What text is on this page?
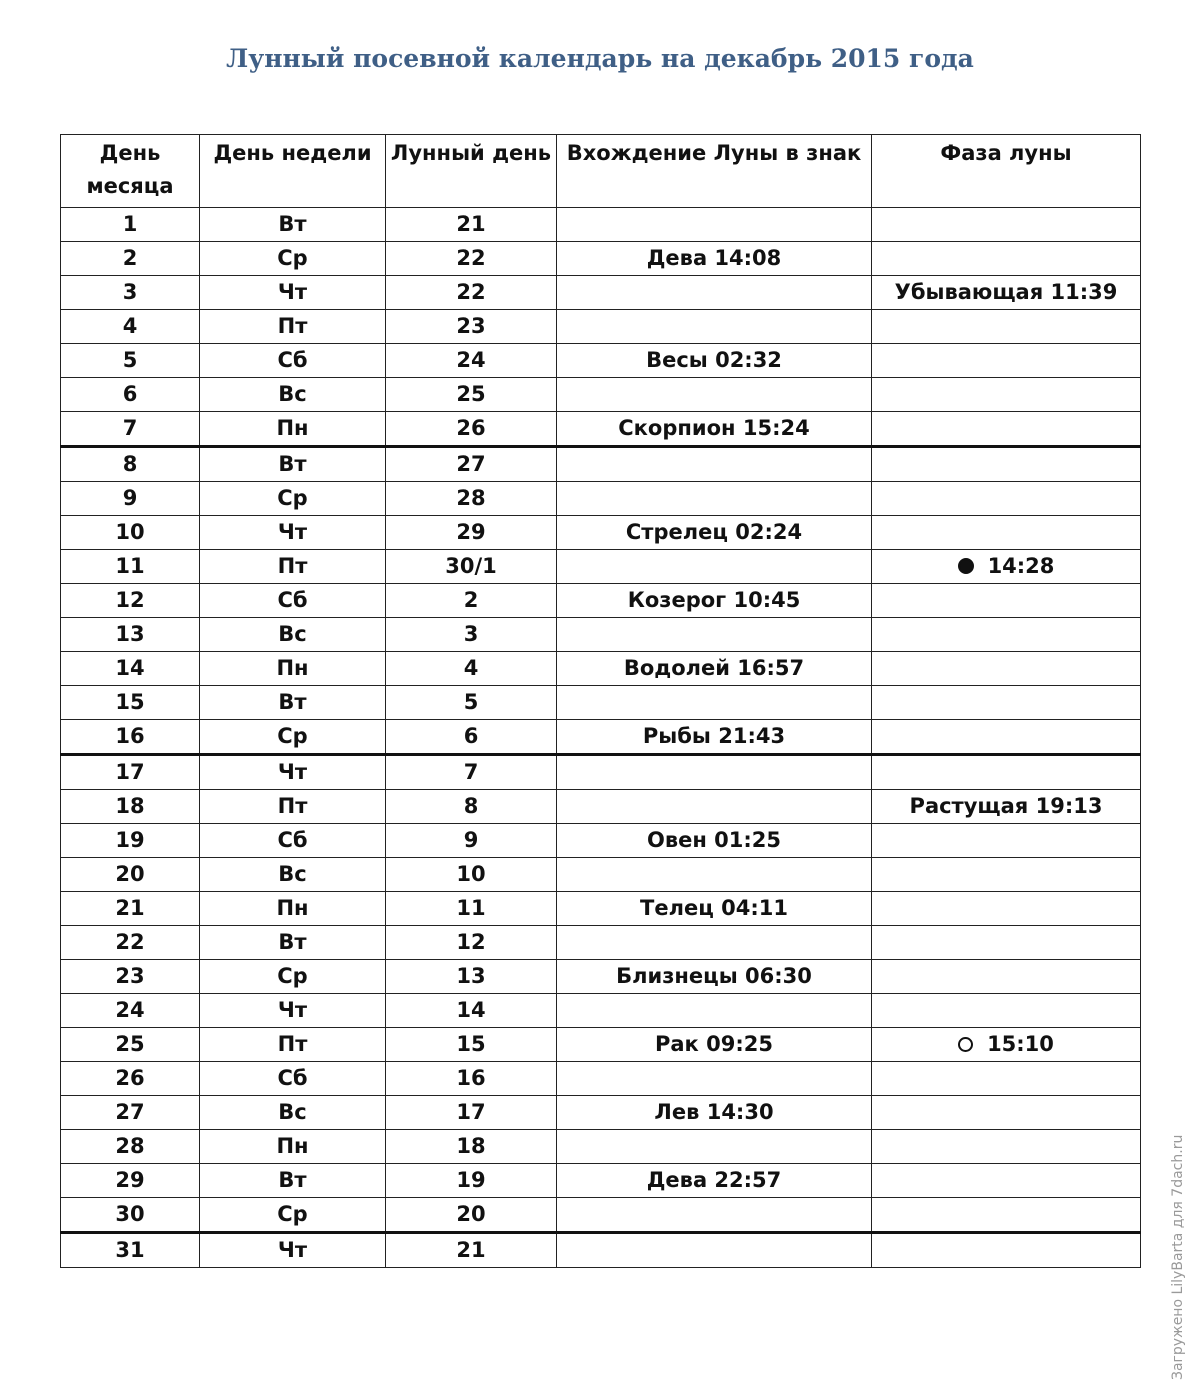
Лунный посевной календарь на декабрь 2015 года
День месяца	День недели	Лунный день	Вхождение Луны в знак	Фаза луны
1	Вт	21		
2	Ср	22	Дева 14:08	
3	Чт	22		Убывающая 11:39
4	Пт	23		
5	Сб	24	Весы 02:32	
6	Вс	25		
7	Пн	26	Скорпион 15:24	
8	Вт	27		
9	Ср	28		
10	Чт	29	Стрелец 02:24	
11	Пт	30/1		14:28
12	Сб	2	Козерог 10:45	
13	Вс	3		
14	Пн	4	Водолей 16:57	
15	Вт	5		
16	Ср	6	Рыбы 21:43	
17	Чт	7		
18	Пт	8		Растущая 19:13
19	Сб	9	Овен 01:25	
20	Вс	10		
21	Пн	11	Телец 04:11	
22	Вт	12		
23	Ср	13	Близнецы 06:30	
24	Чт	14		
25	Пт	15	Рак 09:25	15:10
26	Сб	16		
27	Вс	17	Лев 14:30	
28	Пн	18		
29	Вт	19	Дева 22:57	
30	Ср	20		
31	Чт	21			Загружено LilyBarta для 7dach.ru
